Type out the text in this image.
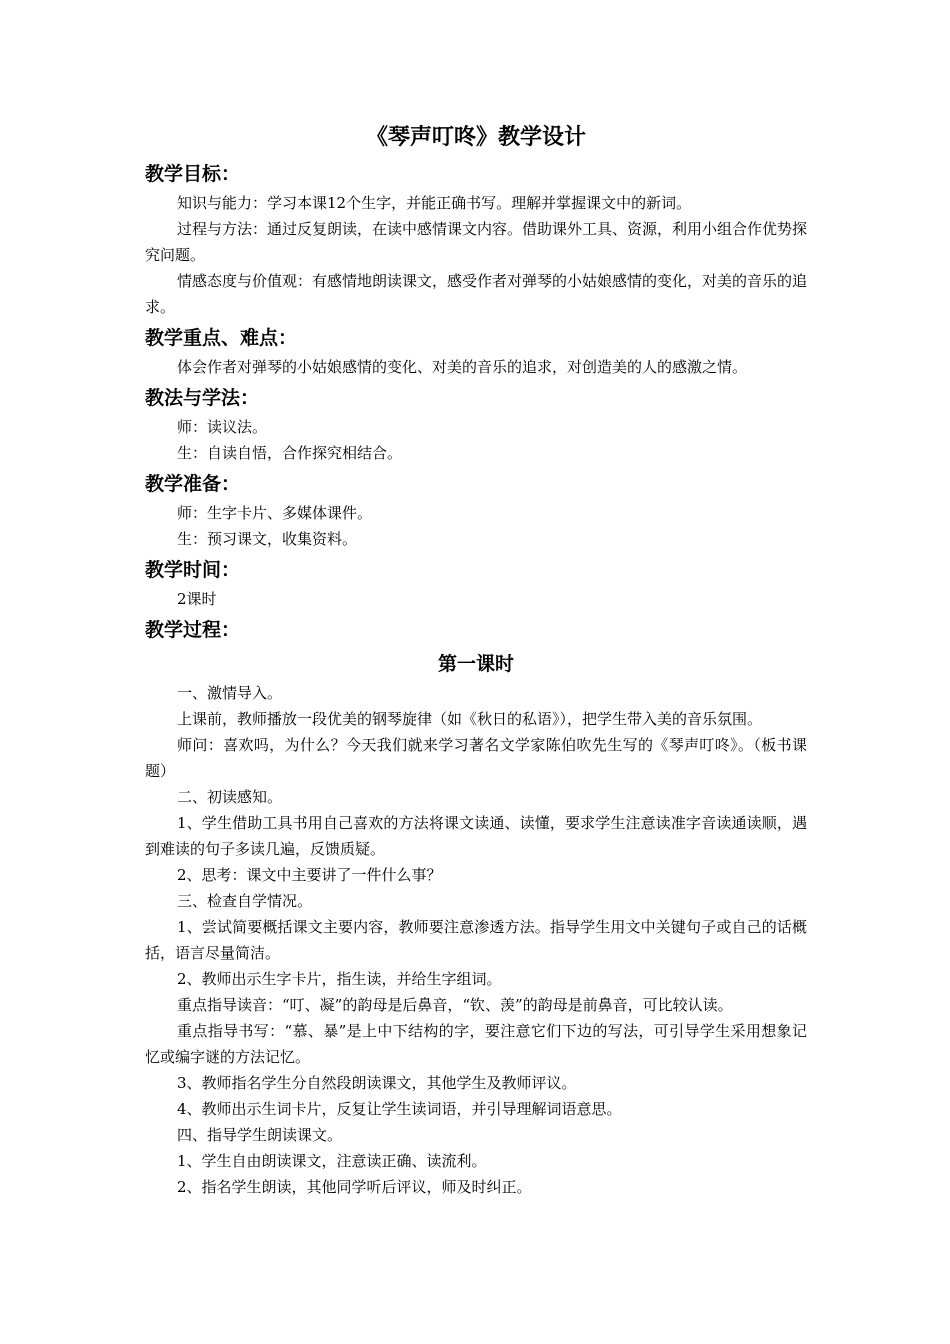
《琴声叮咚》教学设计
教学目标：

知识与能力：学习本课12个生字，并能正确书写。理解并掌握课文中的新词。

过程与方法：通过反复朗读，在读中感情课文内容。借助课外工具、资源，利用小组合作优势探究问题。

情感态度与价值观：有感情地朗读课文，感受作者对弹琴的小姑娘感情的变化，对美的音乐的追求。

教学重点、难点：

体会作者对弹琴的小姑娘感情的变化、对美的音乐的追求，对创造美的人的感激之情。

教法与学法：

师：读议法。

生：自读自悟，合作探究相结合。

教学准备：

师：生字卡片、多媒体课件。

生：预习课文，收集资料。

教学时间：

2课时

教学过程：
第一课时

一、激情导入。

上课前，教师播放一段优美的钢琴旋律（如《秋日的私语》），把学生带入美的音乐氛围。

师问：喜欢吗，为什么？今天我们就来学习著名文学家陈伯吹先生写的《琴声叮咚》。（板书课题）

二、初读感知。

1、学生借助工具书用自己喜欢的方法将课文读通、读懂，要求学生注意读准字音读通读顺，遇到难读的句子多读几遍，反馈质疑。

2、思考：课文中主要讲了一件什么事？

三、检查自学情况。

1、尝试简要概括课文主要内容，教师要注意渗透方法。指导学生用文中关键句子或自己的话概括，语言尽量简洁。

2、教师出示生字卡片，指生读，并给生字组词。

重点指导读音：“叮、凝”的韵母是后鼻音，“钦、羡”的韵母是前鼻音，可比较认读。

重点指导书写：“慕、暴”是上中下结构的字，要注意它们下边的写法，可引导学生采用想象记忆或编字谜的方法记忆。

3、教师指名学生分自然段朗读课文，其他学生及教师评议。

4、教师出示生词卡片，反复让学生读词语，并引导理解词语意思。

四、指导学生朗读课文。

1、学生自由朗读课文，注意读正确、读流利。

2、指名学生朗读，其他同学听后评议，师及时纠正。
